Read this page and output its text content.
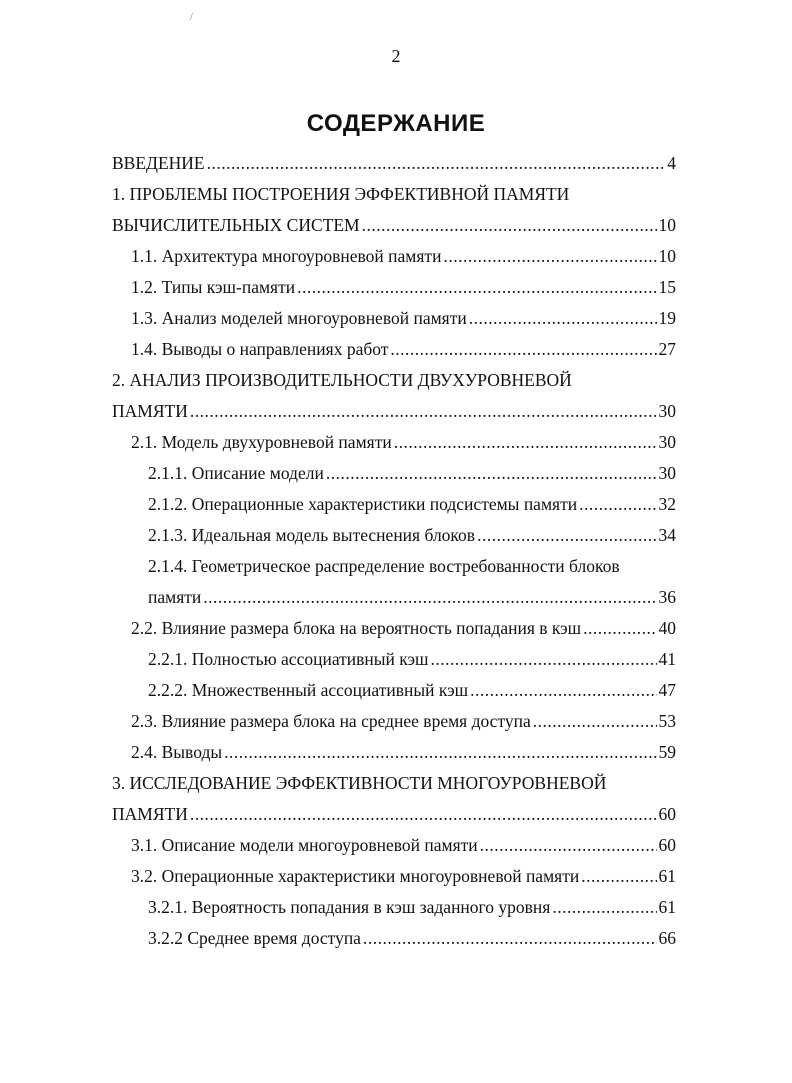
/
2
СОДЕРЖАНИЕ
ВВЕДЕНИЕ .....	4
1. ПРОБЛЕМЫ ПОСТРОЕНИЯ ЭФФЕКТИВНОЙ ПАМЯТИ
ВЫЧИСЛИТЕЛЬНЫХ СИСТЕМ .....	10
1.1. Архитектура многоуровневой памяти .....	10
1.2. Типы кэш-памяти .....	15
1.3. Анализ моделей многоуровневой памяти .....	19
1.4. Выводы о направлениях работ .....	27
2. АНАЛИЗ ПРОИЗВОДИТЕЛЬНОСТИ ДВУХУРОВНЕВОЙ
ПАМЯТИ .....	30
2.1. Модель двухуровневой памяти .....	30
2.1.1. Описание модели .....	30
2.1.2. Операционные характеристики подсистемы памяти .....	32
2.1.3. Идеальная модель вытеснения блоков .....	34
2.1.4. Геометрическое распределение востребованности блоков
памяти .....	36
2.2. Влияние размера блока на вероятность попадания в кэш .....	40
2.2.1. Полностью ассоциативный кэш .....	41
2.2.2. Множественный ассоциативный кэш .....	47
2.3. Влияние размера блока на среднее время доступа .....	53
2.4. Выводы .....	59
3. ИССЛЕДОВАНИЕ ЭФФЕКТИВНОСТИ МНОГОУРОВНЕВОЙ
ПАМЯТИ .....	60
3.1. Описание модели многоуровневой памяти .....	60
3.2. Операционные характеристики многоуровневой памяти .....	61
3.2.1. Вероятность попадания в кэш заданного уровня .....	61
3.2.2 Среднее время доступа .....	66
